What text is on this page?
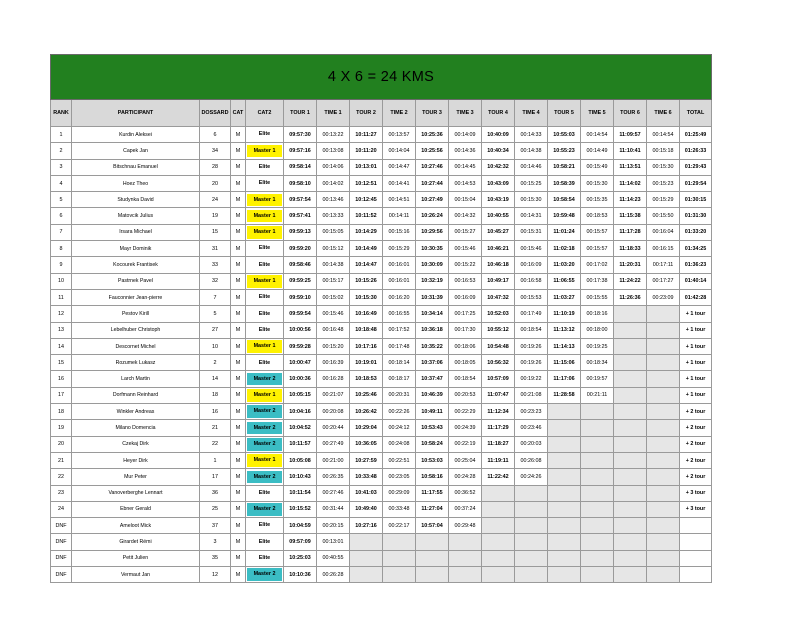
4 X 6 = 24 KMS																	
RANK	PARTICIPANT	DOSSARD	CAT	CAT2	TOUR 1	TIME 1	TOUR 2	TIME 2	TOUR 3	TIME 3	TOUR 4	TIME 4	TOUR 5	TIME 5	TOUR 6	TIME 6	TOTAL
1	Kurdin Aleksei	6	M	Elite	09:57:30	00:13:22	10:11:27	00:13:57	10:25:36	00:14:09	10:40:09	00:14:33	10:55:03	00:14:54	11:09:57	00:14:54	01:25:49
2	Capek Jan	34	M	Master 1	09:57:16	00:13:08	10:11:20	00:14:04	10:25:56	00:14:36	10:40:34	00:14:38	10:55:23	00:14:49	11:10:41	00:15:18	01:26:33
3	Bitschnau Emanuel	28	M	Elite	09:58:14	00:14:06	10:13:01	00:14:47	10:27:46	00:14:45	10:42:32	00:14:46	10:58:21	00:15:49	11:13:51	00:15:30	01:29:43
4	Hoez Theo	20	M	Elite	09:58:10	00:14:02	10:12:51	00:14:41	10:27:44	00:14:53	10:43:09	00:15:25	10:58:39	00:15:30	11:14:02	00:15:23	01:29:54
5	Studynka David	24	M	Master 1	09:57:54	00:13:46	10:12:45	00:14:51	10:27:49	00:15:04	10:43:19	00:15:30	10:58:54	00:15:35	11:14:23	00:15:29	01:30:15
6	Matovcik Julius	19	M	Master 1	09:57:41	00:13:33	10:11:52	00:14:11	10:26:24	00:14:32	10:40:55	00:14:31	10:59:48	00:18:53	11:15:38	00:15:50	01:31:30
7	Irsara Michael	15	M	Master 1	09:59:13	00:15:05	10:14:29	00:15:16	10:29:56	00:15:27	10:45:27	00:15:31	11:01:24	00:15:57	11:17:28	00:16:04	01:33:20
8	Mayr Dominik	31	M	Elite	09:59:20	00:15:12	10:14:49	00:15:29	10:30:35	00:15:46	10:46:21	00:15:46	11:02:18	00:15:57	11:18:33	00:16:15	01:34:25
9	Kocourek Frantisek	33	M	Elite	09:58:46	00:14:38	10:14:47	00:16:01	10:30:09	00:15:22	10:46:18	00:16:09	11:03:20	00:17:02	11:20:31	00:17:11	01:36:23
10	Pastrnek Pavel	32	M	Master 1	09:59:25	00:15:17	10:15:26	00:16:01	10:32:19	00:16:53	10:49:17	00:16:58	11:06:55	00:17:38	11:24:22	00:17:27	01:40:14
11	Fauconnier Jean-pierre	7	M	Elite	09:59:10	00:15:02	10:15:30	00:16:20	10:31:39	00:16:09	10:47:32	00:15:53	11:03:27	00:15:55	11:26:36	00:23:09	01:42:28
12	Pestov Kirill	5	M	Elite	09:59:54	00:15:46	10:16:49	00:16:55	10:34:14	00:17:25	10:52:03	00:17:49	11:10:19	00:18:16			+ 1 tour
13	Lebelhuber Christoph	27	M	Elite	10:00:56	00:16:48	10:18:48	00:17:52	10:36:18	00:17:30	10:55:12	00:18:54	11:13:12	00:18:00			+ 1 tour
14	Descornet Michel	10	M	Master 1	09:59:28	00:15:20	10:17:16	00:17:48	10:35:22	00:18:06	10:54:48	00:19:26	11:14:13	00:19:25			+ 1 tour
15	Rozumek Lukasz	2	M	Elite	10:00:47	00:16:39	10:19:01	00:18:14	10:37:06	00:18:05	10:56:32	00:19:26	11:15:06	00:18:34			+ 1 tour
16	Larch Martin	14	M	Master 2	10:00:36	00:16:28	10:18:53	00:18:17	10:37:47	00:18:54	10:57:09	00:19:22	11:17:06	00:19:57			+ 1 tour
17	Dorfmann Reinhard	18	M	Master 1	10:05:15	00:21:07	10:25:46	00:20:31	10:46:39	00:20:53	11:07:47	00:21:08	11:28:58	00:21:11			+ 1 tour
18	Winkler Andreas	16	M	Master 2	10:04:16	00:20:08	10:26:42	00:22:26	10:49:11	00:22:29	11:12:34	00:23:23					+ 2 tour
19	Milano Domencia	21	M	Master 2	10:04:52	00:20:44	10:29:04	00:24:12	10:53:43	00:24:39	11:17:29	00:23:46					+ 2 tour
20	Czekaj Dirk	22	M	Master 2	10:11:57	00:27:49	10:36:05	00:24:08	10:58:24	00:22:19	11:18:27	00:20:03					+ 2 tour
21	Heyer Dirk	1	M	Master 1	10:05:08	00:21:00	10:27:59	00:22:51	10:53:03	00:25:04	11:19:11	00:26:08					+ 2 tour
22	Mur Peter	17	M	Master 2	10:10:43	00:26:35	10:33:48	00:23:05	10:58:16	00:24:28	11:22:42	00:24:26					+ 2 tour
23	Vanoverberghe Lennart	36	M	Elite	10:11:54	00:27:46	10:41:03	00:29:09	11:17:55	00:36:52							+ 3 tour
24	Ebner Gerald	25	M	Master 2	10:15:52	00:31:44	10:49:40	00:33:48	11:27:04	00:37:24							+ 3 tour
DNF	Ameloot Mick	37	M	Elite	10:04:59	00:20:15	10:27:16	00:22:17	10:57:04	00:29:48							
DNF	Girardet Rémi	3	M	Elite	09:57:09	00:13:01											
DNF	Petit Julien	35	M	Elite	10:25:03	00:40:55											
DNF	Vermaut Jan	12	M	Master 2	10:10:36	00:26:28											
